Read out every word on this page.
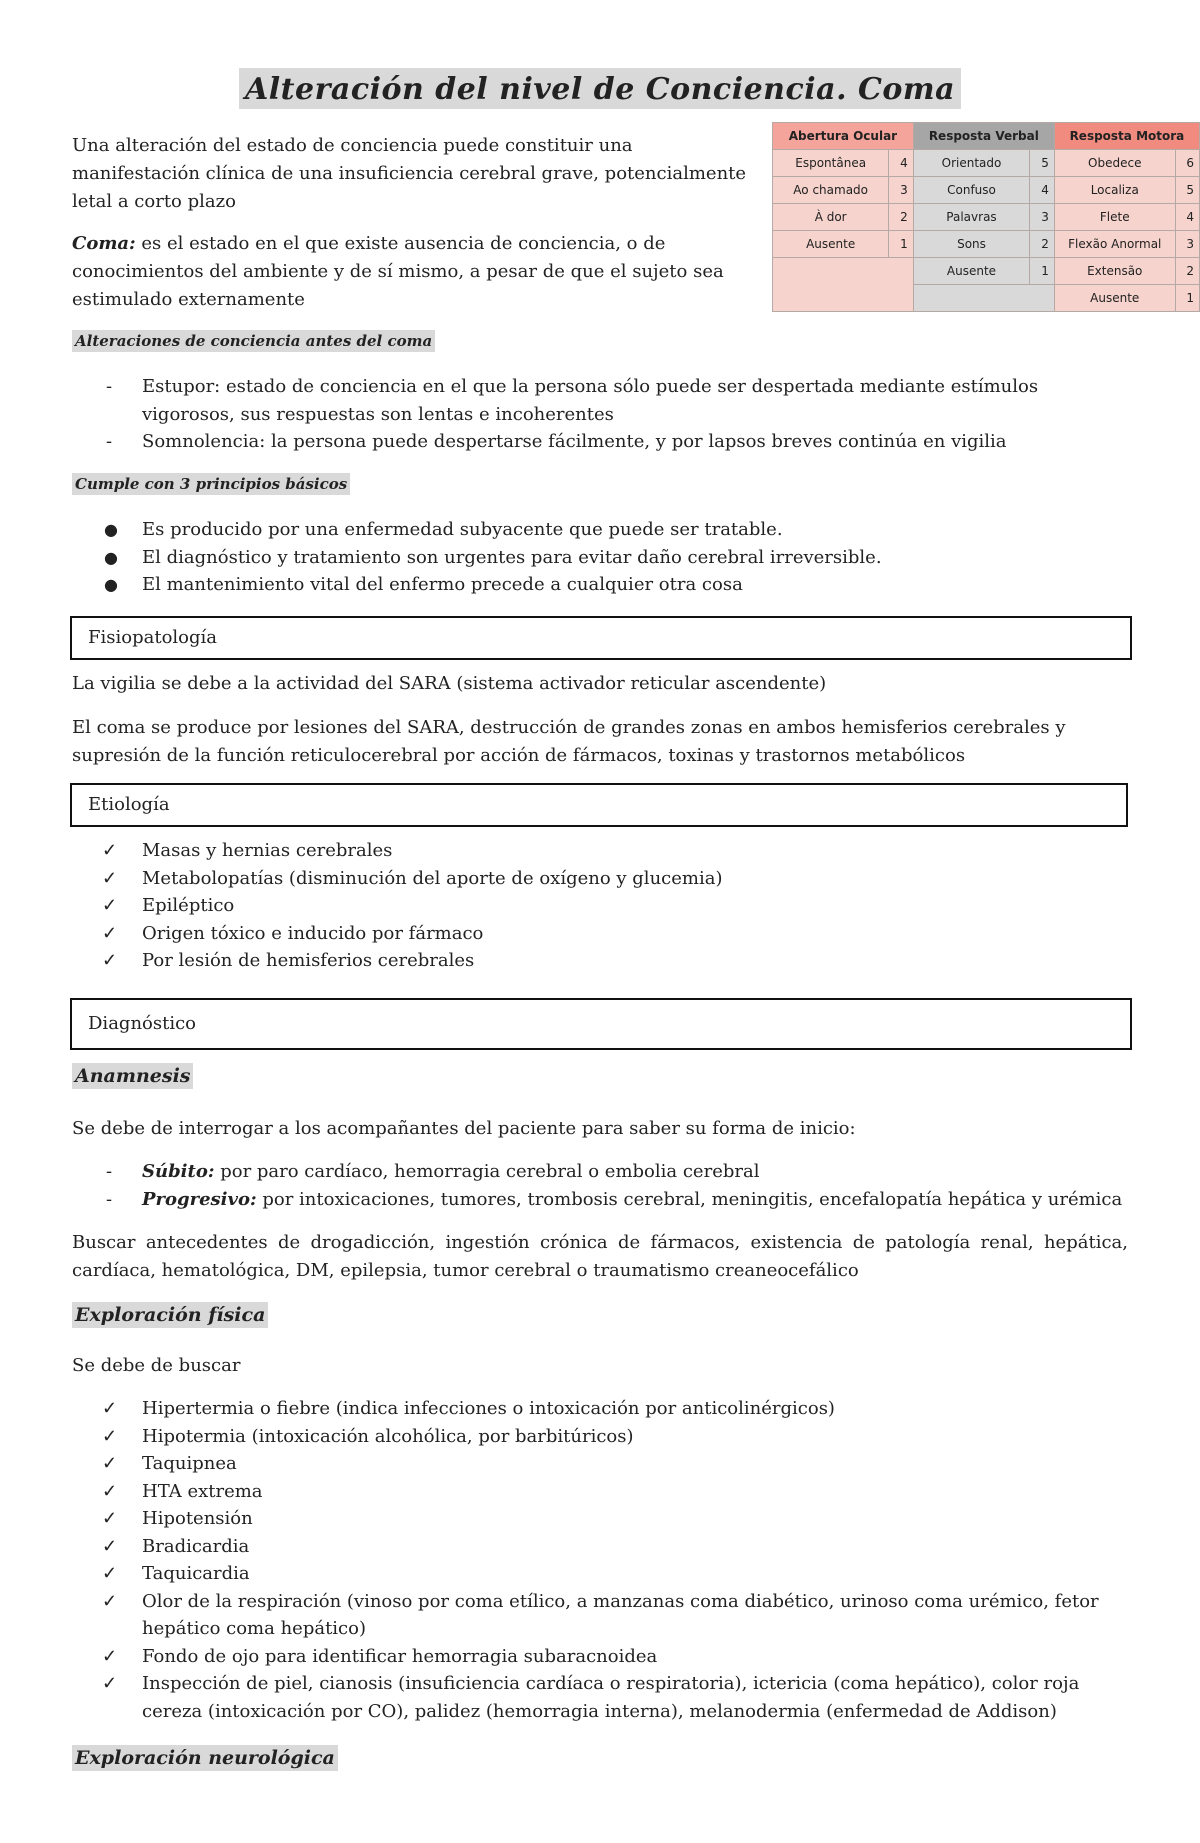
Alteración del nivel de Conciencia. Coma

Una alteración del estado de conciencia puede constituir una manifestación clínica de una insuficiencia cerebral grave, potencialmente letal a corto plazo

Coma: es el estado en el que existe ausencia de conciencia, o de conocimientos del ambiente y de sí mismo, a pesar de que el sujeto sea estimulado externamente

Abertura Ocular		Resposta Verbal		Resposta Motora	
Espontânea	4	Orientado	5	Obedece	6
Ao chamado	3	Confuso	4	Localiza	5
À dor	2	Palavras	3	Flete	4
Ausente	1	Sons	2	Flexão Anormal	3
		Ausente	1	Extensão	2
				Ausente	1
Alteraciones de conciencia antes del coma
- Estupor: estado de conciencia en el que la persona sólo puede ser despertada mediante estímulos vigorosos, sus respuestas son lentas e incoherentes
- Somnolencia: la persona puede despertarse fácilmente, y por lapsos breves continúa en vigilia
Cumple con 3 principios básicos
● Es producido por una enfermedad subyacente que puede ser tratable.
● El diagnóstico y tratamiento son urgentes para evitar daño cerebral irreversible.
● El mantenimiento vital del enfermo precede a cualquier otra cosa
Fisiopatología

La vigilia se debe a la actividad del SARA (sistema activador reticular ascendente)

El coma se produce por lesiones del SARA, destrucción de grandes zonas en ambos hemisferios cerebrales y supresión de la función reticulocerebral por acción de fármacos, toxinas y trastornos metabólicos

Etiología
✓ Masas y hernias cerebrales
✓ Metabolopatías (disminución del aporte de oxígeno y glucemia)
✓ Epiléptico
✓ Origen tóxico e inducido por fármaco
✓ Por lesión de hemisferios cerebrales
Diagnóstico
Anamnesis

Se debe de interrogar a los acompañantes del paciente para saber su forma de inicio:

- Súbito: por paro cardíaco, hemorragia cerebral o embolia cerebral
- Progresivo: por intoxicaciones, tumores, trombosis cerebral, meningitis, encefalopatía hepática y urémica

Buscar antecedentes de drogadicción, ingestión crónica de fármacos, existencia de patología renal, hepática, cardíaca, hematológica, DM, epilepsia, tumor cerebral o traumatismo creaneocefálico

Exploración física

Se debe de buscar

✓ Hipertermia o fiebre (indica infecciones o intoxicación por anticolinérgicos)
✓ Hipotermia (intoxicación alcohólica, por barbitúricos)
✓ Taquipnea
✓ HTA extrema
✓ Hipotensión
✓ Bradicardia
✓ Taquicardia
✓ Olor de la respiración (vinoso por coma etílico, a manzanas coma diabético, urinoso coma urémico, fetor hepático coma hepático)
✓ Fondo de ojo para identificar hemorragia subaracnoidea
✓ Inspección de piel, cianosis (insuficiencia cardíaca o respiratoria), ictericia (coma hepático), color roja cereza (intoxicación por CO), palidez (hemorragia interna), melanodermia (enfermedad de Addison)
Exploración neurológica
